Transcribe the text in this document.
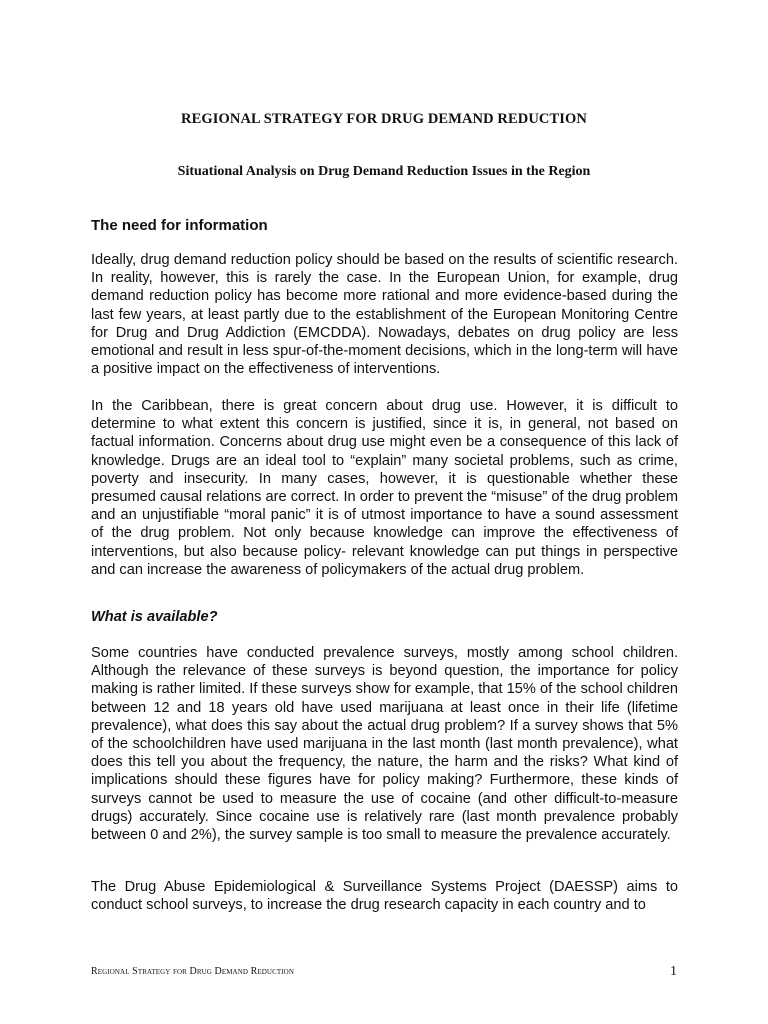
REGIONAL STRATEGY FOR DRUG DEMAND REDUCTION
Situational Analysis on Drug Demand Reduction Issues in the Region
The need for information

Ideally, drug demand reduction policy should be based on the results of scientific research. In reality, however, this is rarely the case. In the European Union, for example, drug demand reduction policy has become more rational and more evidence-based during the last few years, at least partly due to the establishment of the European Monitoring Centre for Drug and Drug Addiction (EMCDDA). Nowadays, debates on drug policy are less emotional and result in less spur-of-the-moment decisions, which in the long-term will have a positive impact on the effectiveness of interventions.

In the Caribbean, there is great concern about drug use. However, it is difficult to determine to what extent this concern is justified, since it is, in general, not based on factual information. Concerns about drug use might even be a consequence of this lack of knowledge. Drugs are an ideal tool to “explain” many societal problems, such as crime, poverty and insecurity. In many cases, however, it is questionable whether these presumed causal relations are correct. In order to prevent the “misuse” of the drug problem and an unjustifiable “moral panic” it is of utmost importance to have a sound assessment of the drug problem. Not only because knowledge can improve the effectiveness of interventions, but also because policy- relevant knowledge can put things in perspective and can increase the awareness of policymakers of the actual drug problem.

What is available?

Some countries have conducted prevalence surveys, mostly among school children. Although the relevance of these surveys is beyond question, the importance for policy making is rather limited. If these surveys show for example, that 15% of the school children between 12 and 18 years old have used marijuana at least once in their life (lifetime prevalence), what does this say about the actual drug problem? If a survey shows that 5% of the schoolchildren have used marijuana in the last month (last month prevalence), what does this tell you about the frequency, the nature, the harm and the risks? What kind of implications should these figures have for policy making? Furthermore, these kinds of surveys cannot be used to measure the use of cocaine (and other difficult-to-measure drugs) accurately. Since cocaine use is relatively rare (last month prevalence probably between 0 and 2%), the survey sample is too small to measure the prevalence accurately.

The Drug Abuse Epidemiological & Surveillance Systems Project (DAESSP) aims to conduct school surveys, to increase the drug research capacity in each country and to

Regional Strategy for Drug Demand Reduction	1
